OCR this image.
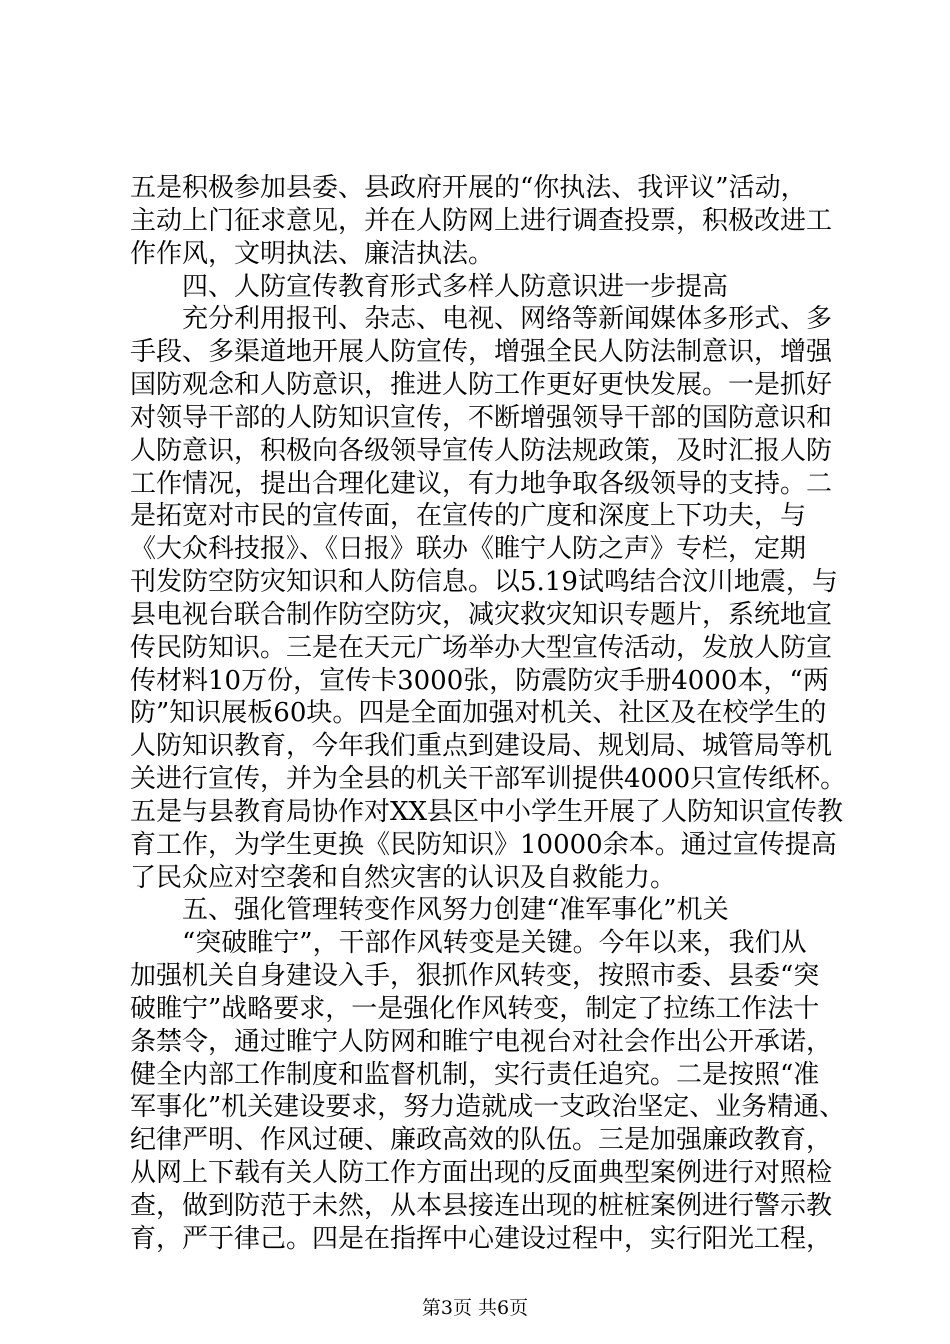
五是积极参加县委、县政府开展的“你执法、我评议”活动，
主动上门征求意见，并在人防网上进行调查投票，积极改进工
作作风，文明执法、廉洁执法。
四、人防宣传教育形式多样人防意识进一步提高
充分利用报刊、杂志、电视、网络等新闻媒体多形式、多
手段、多渠道地开展人防宣传，增强全民人防法制意识，增强
国防观念和人防意识，推进人防工作更好更快发展。一是抓好
对领导干部的人防知识宣传，不断增强领导干部的国防意识和
人防意识，积极向各级领导宣传人防法规政策，及时汇报人防
工作情况，提出合理化建议，有力地争取各级领导的支持。二
是拓宽对市民的宣传面，在宣传的广度和深度上下功夫，与
《大众科技报》、《日报》联办《睢宁人防之声》专栏，定期
刊发防空防灾知识和人防信息。以5.19试鸣结合汶川地震，与
县电视台联合制作防空防灾，减灾救灾知识专题片，系统地宣
传民防知识。三是在天元广场举办大型宣传活动，发放人防宣
传材料10万份，宣传卡3000张，防震防灾手册4000本，“两
防”知识展板60块。四是全面加强对机关、社区及在校学生的
人防知识教育，今年我们重点到建设局、规划局、城管局等机
关进行宣传，并为全县的机关干部军训提供4000只宣传纸杯。
五是与县教育局协作对XX县区中小学生开展了人防知识宣传教
育工作，为学生更换《民防知识》10000余本。通过宣传提高
了民众应对空袭和自然灾害的认识及自救能力。
五、强化管理转变作风努力创建“准军事化”机关
“突破睢宁”，干部作风转变是关键。今年以来，我们从
加强机关自身建设入手，狠抓作风转变，按照市委、县委“突
破睢宁”战略要求，一是强化作风转变，制定了拉练工作法十
条禁令，通过睢宁人防网和睢宁电视台对社会作出公开承诺，
健全内部工作制度和监督机制，实行责任追究。二是按照“准
军事化”机关建设要求，努力造就成一支政治坚定、业务精通、
纪律严明、作风过硬、廉政高效的队伍。三是加强廉政教育，
从网上下载有关人防工作方面出现的反面典型案例进行对照检
查，做到防范于未然，从本县接连出现的桩桩案例进行警示教
育，严于律己。四是在指挥中心建设过程中，实行阳光工程，
第3页 共6页
